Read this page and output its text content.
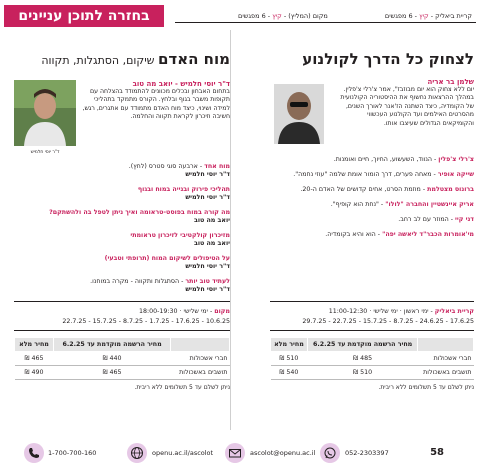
בחזרה לתוכן עניינים	מקום (המליץ) - קיץ - 6 מפגשים	קריית ביאליק - קיץ - 6 מפגשים
לצחוק כל הדרך לקולנוע
שלמן בר אריה
יום ללא צחוק הוא יום מבוזבז", אמר צ'רלי צ'פלין. במהלך ההרצאות נחשוף את ההיסטוריה הקולנועית של הקומדיה, כיצד השתנה הז'אנר לאורך השנים, מהסרטים האילמים ועד הקולנוע העכשווי והקומיקאים הגדולים שעיצבו אותו.
צ'רלי צ'פלין - הנווד, השעשוע, החיוך, חיים ואומנות.
שייקה אופיר - מאחה פערים, דרך הומור אומת שלמה "עוזי נחמה".
ברונוס מצטלמת - מוזמת הסרט, אחים קדושים של האדם ה-20.
אריק איינשטיין והחברה "לולו" - "נחת הוא קופיף".
דני קיי - המוזר עם לב רחב.
מי'אומרות הכבר"ד ליאשה יפה" - הוא והיא בקומדיה.
קריית ביאליק - ימי ראשון · ימי שלישי · 11:00-12:30
17.6.25 - 24.6.25 - 8.7.25 - 15.7.25 - 22.7.25 - 29.7.25
	מחיר הרשמה מוקדמת עד 6.2.25	מחיר מלא
חברי אשכולות	485 ₪	510 ₪
תושבים באשכולות	510 ₪	540 ₪
ניתן לשלם עד 5 תשלומים ללא ריבית.
מוח האדם שיקום, הסתגלות, תקווה
ד"ר יוסי חלמיש - יואב מה טוב
בתחום האבחון ובכלים מכוונים להתמודד בהצלחה עם תקופות משבר בגוף ובלחץ. הקורס מתמקד בתהליכי למידה ושינוי, כיצד מוח האדם מתמודד עם אתגרים, רגש, חשיבה וזיכרון לקראת תקווה והחלמה.
ד"ר יוסי חלמיש
מוח אחד - ארבעה סוגי סטרס (לחץ).
ד"ר יוסי חלמיש
תהליכי פירוק ובנייה במוח ובגוף
ד"ר יוסי חלמיש
מה קורה במוח בפוסט-טראומה ואיך ניתן לטפל בה ולהשתקם?
יואב מה טוב
מזיכרון קולקטיבי לזיכרון טראומתי
יואב מה טוב
על הטיפולים לשיקום המוח (תרופתי וטבעי)
ד"ר יוסי חלמיש
לעתיד טוב יותר - הסתגלות ותקווה - מקרה במוחנו.
ד"ר יוסי חלמיש
מקום - ימי שלישי · 18:00-19:30
10.6.25 - 17.6.25 - 1.7.25 - 8.7.25 - 15.7.25 - 22.7.25
	מחיר הרשמה מוקדמת עד 6.2.25	מחיר מלא
חברי אשכולות	440 ₪	465 ₪
תושבים באשכולות	465 ₪	490 ₪
ניתן לשלם עד 5 תשלומים ללא ריבית.
1-700-700-160	openu.ac.il/ascolot	ascolot@openu.ac.il	052-2303397	58
